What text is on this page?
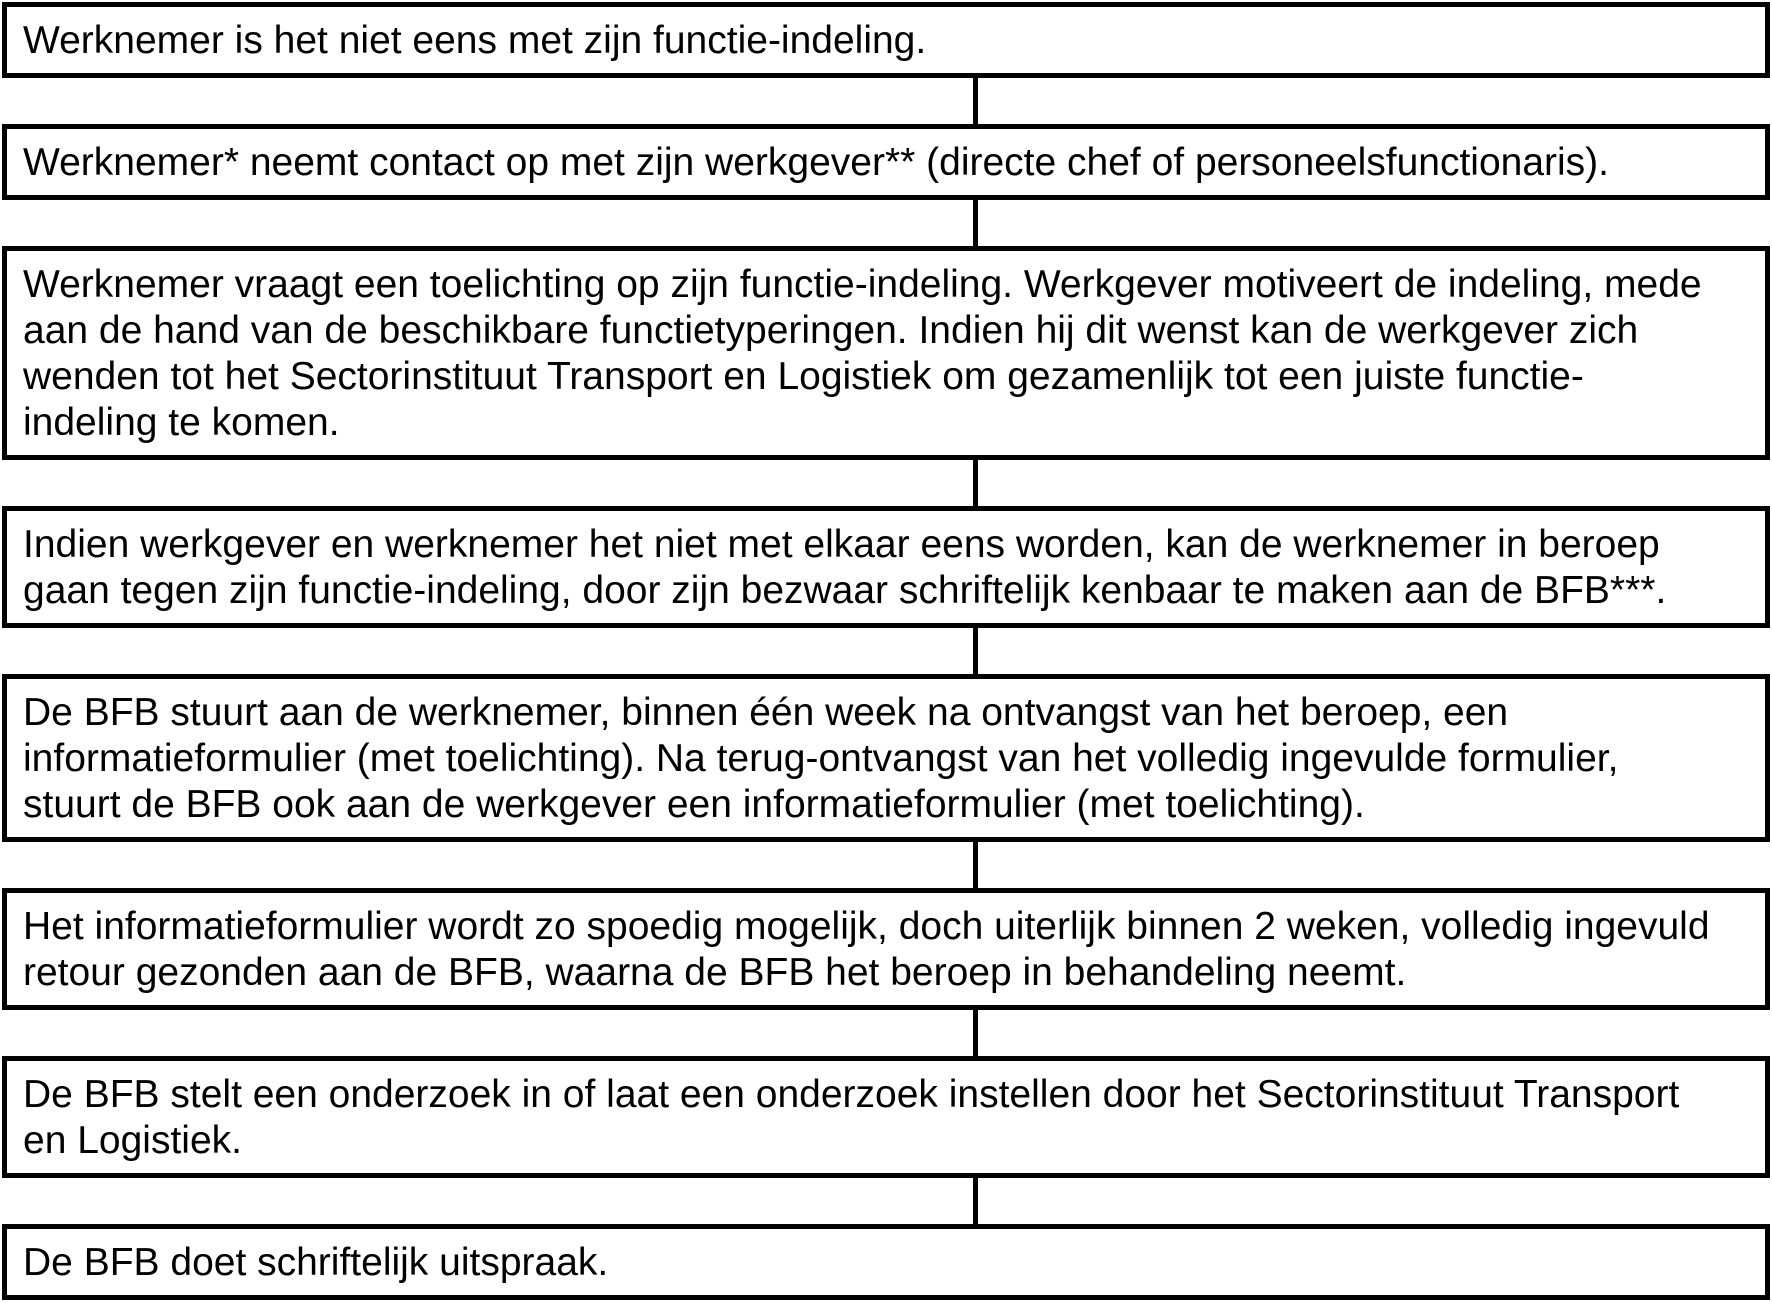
Werknemer is het niet eens met zijn functie-indeling.
Werknemer* neemt contact op met zijn werkgever** (directe chef of personeelsfunctionaris).
Werknemer vraagt een toelichting op zijn functie-indeling. Werkgever motiveert de indeling, mede aan de hand van de beschikbare functietyperingen. Indien hij dit wenst kan de werkgever zich wenden tot het Sectorinstituut Transport en Logistiek om gezamenlijk tot een juiste functie-indeling te komen.
Indien werkgever en werknemer het niet met elkaar eens worden, kan de werknemer in beroep gaan tegen zijn functie-indeling, door zijn bezwaar schriftelijk kenbaar te maken aan de BFB***.
De BFB stuurt aan de werknemer, binnen één week na ontvangst van het beroep, een informatieformulier (met toelichting). Na terug-ontvangst van het volledig ingevulde formulier, stuurt de BFB ook aan de werkgever een informatieformulier (met toelichting).
Het informatieformulier wordt zo spoedig mogelijk, doch uiterlijk binnen 2 weken, volledig ingevuld retour gezonden aan de BFB, waarna de BFB het beroep in behandeling neemt.
De BFB stelt een onderzoek in of laat een onderzoek instellen door het Sectorinstituut Transport en Logistiek.
De BFB doet schriftelijk uitspraak.
